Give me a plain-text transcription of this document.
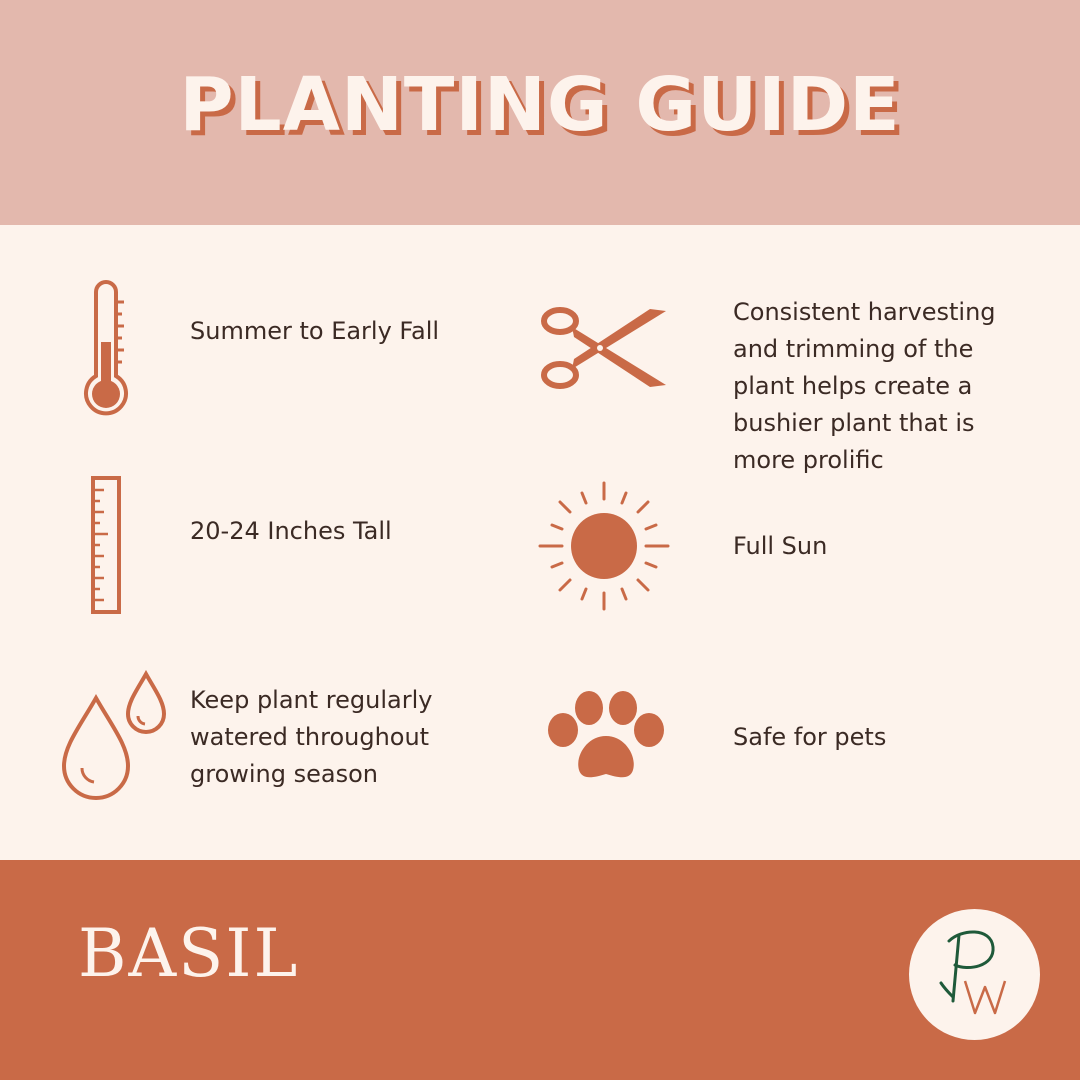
PLANTING GUIDE
Summer to Early Fall
20-24 Inches Tall
Keep plant regularly watered throughout growing season
Consistent harvesting and trimming of the plant helps create a bushier plant that is more prolific
Full Sun
Safe for pets
BASIL
